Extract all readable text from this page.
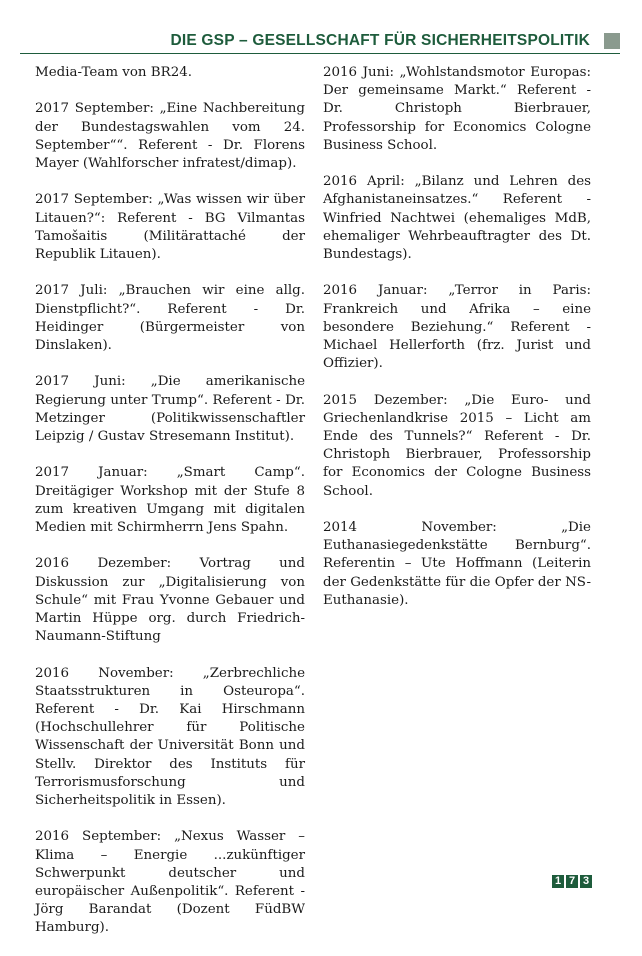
DIE GSP – GESELLSCHAFT FÜR SICHERHEITSPOLITIK

Media-Team von BR24.

2017 September: „Eine Nachbereitung der Bundestagswahlen vom 24. September““. Referent - Dr. Florens Mayer (Wahlforscher infratest/dimap).

2017 September: „Was wissen wir über Litauen?“: Referent - BG Vilmantas Tamošaitis (Militärattaché der Republik Litauen).

2017 Juli: „Brauchen wir eine allg. Dienstpflicht?“. Referent - Dr. Heidinger (Bürgermeister von Dinslaken).

2017 Juni: „Die amerikanische Regierung unter Trump“. Referent - Dr. Metzinger (Politikwissenschaftler Leipzig / Gustav Stresemann Institut).

2017 Januar: „Smart Camp“. Dreitägiger Workshop mit der Stufe 8 zum kreativen Umgang mit digitalen Medien mit Schirmherrn Jens Spahn.

2016 Dezember: Vortrag und Diskussion zur „Digitalisierung von Schule“ mit Frau Yvonne Gebauer und Martin Hüppe org. durch Friedrich-Naumann-Stiftung

2016 November: „Zerbrechliche Staatsstrukturen in Osteuropa“. Referent - Dr. Kai Hirschmann (Hochschullehrer für Politische Wissenschaft der Universität Bonn und Stellv. Direktor des Instituts für Terrorismusforschung und Sicherheitspolitik in Essen).

2016 September: „Nexus Wasser – Klima – Energie ...zukünftiger Schwerpunkt deutscher und europäischer Außenpolitik“. Referent - Jörg Barandat (Dozent FüdBW Hamburg).

2016 Juni: „Wohlstandsmotor Europas: Der gemeinsame Markt.“ Referent - Dr. Christoph Bierbrauer, Professorship for Economics Cologne Business School.

2016 April: „Bilanz und Lehren des Afghanistaneinsatzes.“ Referent - Winfried Nachtwei (ehemaliges MdB, ehemaliger Wehrbeauftragter des Dt. Bundestags).

2016 Januar: „Terror in Paris: Frankreich und Afrika – eine besondere Beziehung.“ Referent - Michael Hellerforth (frz. Jurist und Offizier).

2015 Dezember: „Die Euro- und Griechenlandkrise 2015 – Licht am Ende des Tunnels?“ Referent - Dr. Christoph Bierbrauer, Professorship for Economics der Cologne Business School.

2014 November: „Die Euthanasiegedenkstätte Bernburg“. Referentin – Ute Hoffmann (Leiterin der Gedenkstätte für die Opfer der NS-Euthanasie).

1 7 3
